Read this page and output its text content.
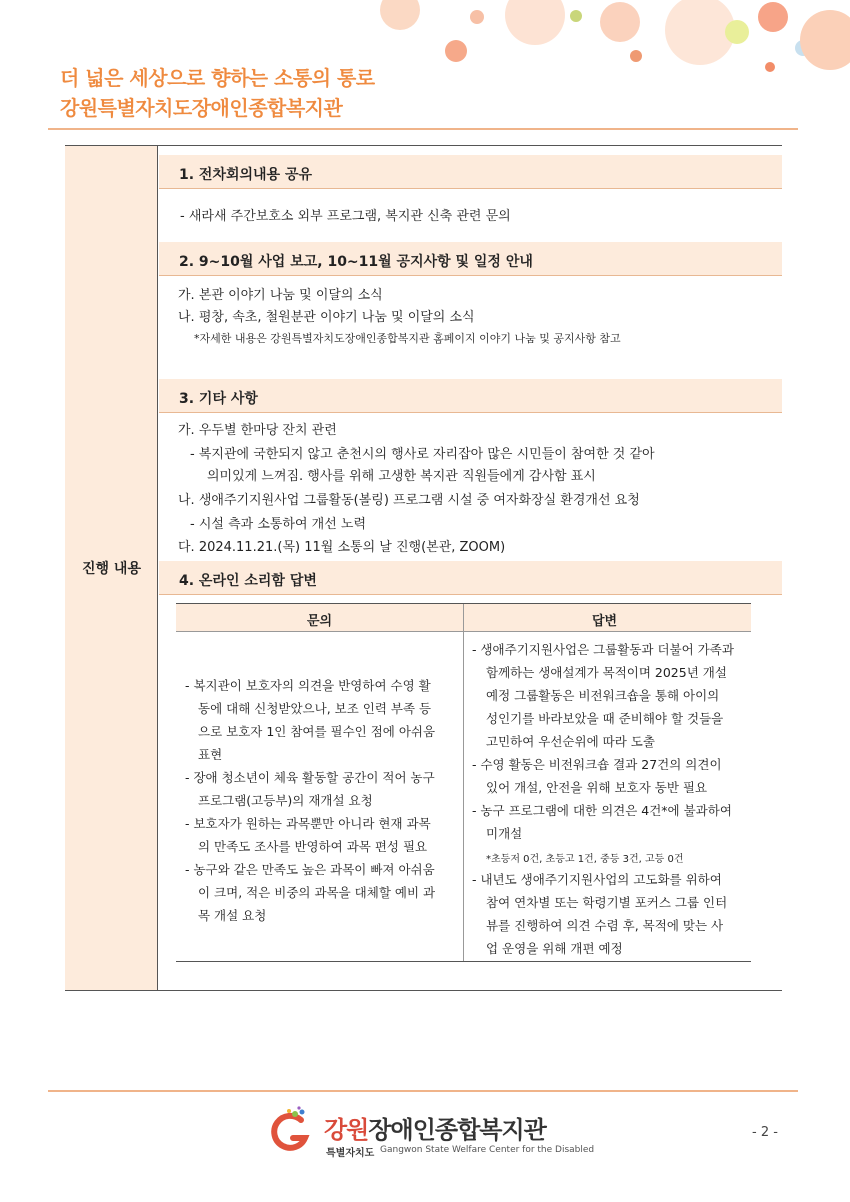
더 넓은 세상으로 향하는 소통의 통로
강원특별자치도장애인종합복지관
진행 내용
1. 전차회의내용 공유
- 새라새 주간보호소 외부 프로그램, 복지관 신축 관련 문의
2. 9~10월 사업 보고, 10~11월 공지사항 및 일정 안내
가. 본관 이야기 나눔 및 이달의 소식
나. 평창, 속초, 철원분관 이야기 나눔 및 이달의 소식
*자세한 내용은 강원특별자치도장애인종합복지관 홈페이지 이야기 나눔 및 공지사항 참고
3. 기타 사항
가. 우두별 한마당 잔치 관련
- 복지관에 국한되지 않고 춘천시의 행사로 자리잡아 많은 시민들이 참여한 것 같아
의미있게 느껴짐. 행사를 위해 고생한 복지관 직원들에게 감사함 표시
나. 생애주기지원사업 그룹활동(볼링) 프로그램 시설 중 여자화장실 환경개선 요청
- 시설 측과 소통하여 개선 노력
다. 2024.11.21.(목) 11월 소통의 날 진행(본관, ZOOM)
4. 온라인 소리함 답변
문의	답변
- 복지관이 보호자의 의견을 반영하여 수영 활
동에 대해 신청받았으나, 보조 인력 부족 등
으로 보호자 1인 참여를 필수인 점에 아쉬움
표현
- 장애 청소년이 체육 활동할 공간이 적어 농구
프로그램(고등부)의 재개설 요청
- 보호자가 원하는 과목뿐만 아니라 현재 과목
의 만족도 조사를 반영하여 과목 편성 필요
- 농구와 같은 만족도 높은 과목이 빠져 아쉬움
이 크며, 적은 비중의 과목을 대체할 예비 과
목 개설 요청
- 생애주기지원사업은 그룹활동과 더불어 가족과
함께하는 생애설계가 목적이며 2025년 개설
예정 그룹활동은 비전워크숍을 통해 아이의
성인기를 바라보았을 때 준비해야 할 것들을
고민하여 우선순위에 따라 도출
- 수영 활동은 비전워크숍 결과 27건의 의견이
있어 개설, 안전을 위해 보호자 동반 필요
- 농구 프로그램에 대한 의견은 4건*에 불과하여
미개설
*초등저 0건, 초등고 1건, 중등 3건, 고등 0건
- 내년도 생애주기지원사업의 고도화를 위하여
참여 연차별 또는 학령기별 포커스 그룹 인터
뷰를 진행하여 의견 수렴 후, 목적에 맞는 사
업 운영을 위해 개편 예정
강원장애인종합복지관
특별자치도 Gangwon State Welfare Center for the Disabled
- 2 -
